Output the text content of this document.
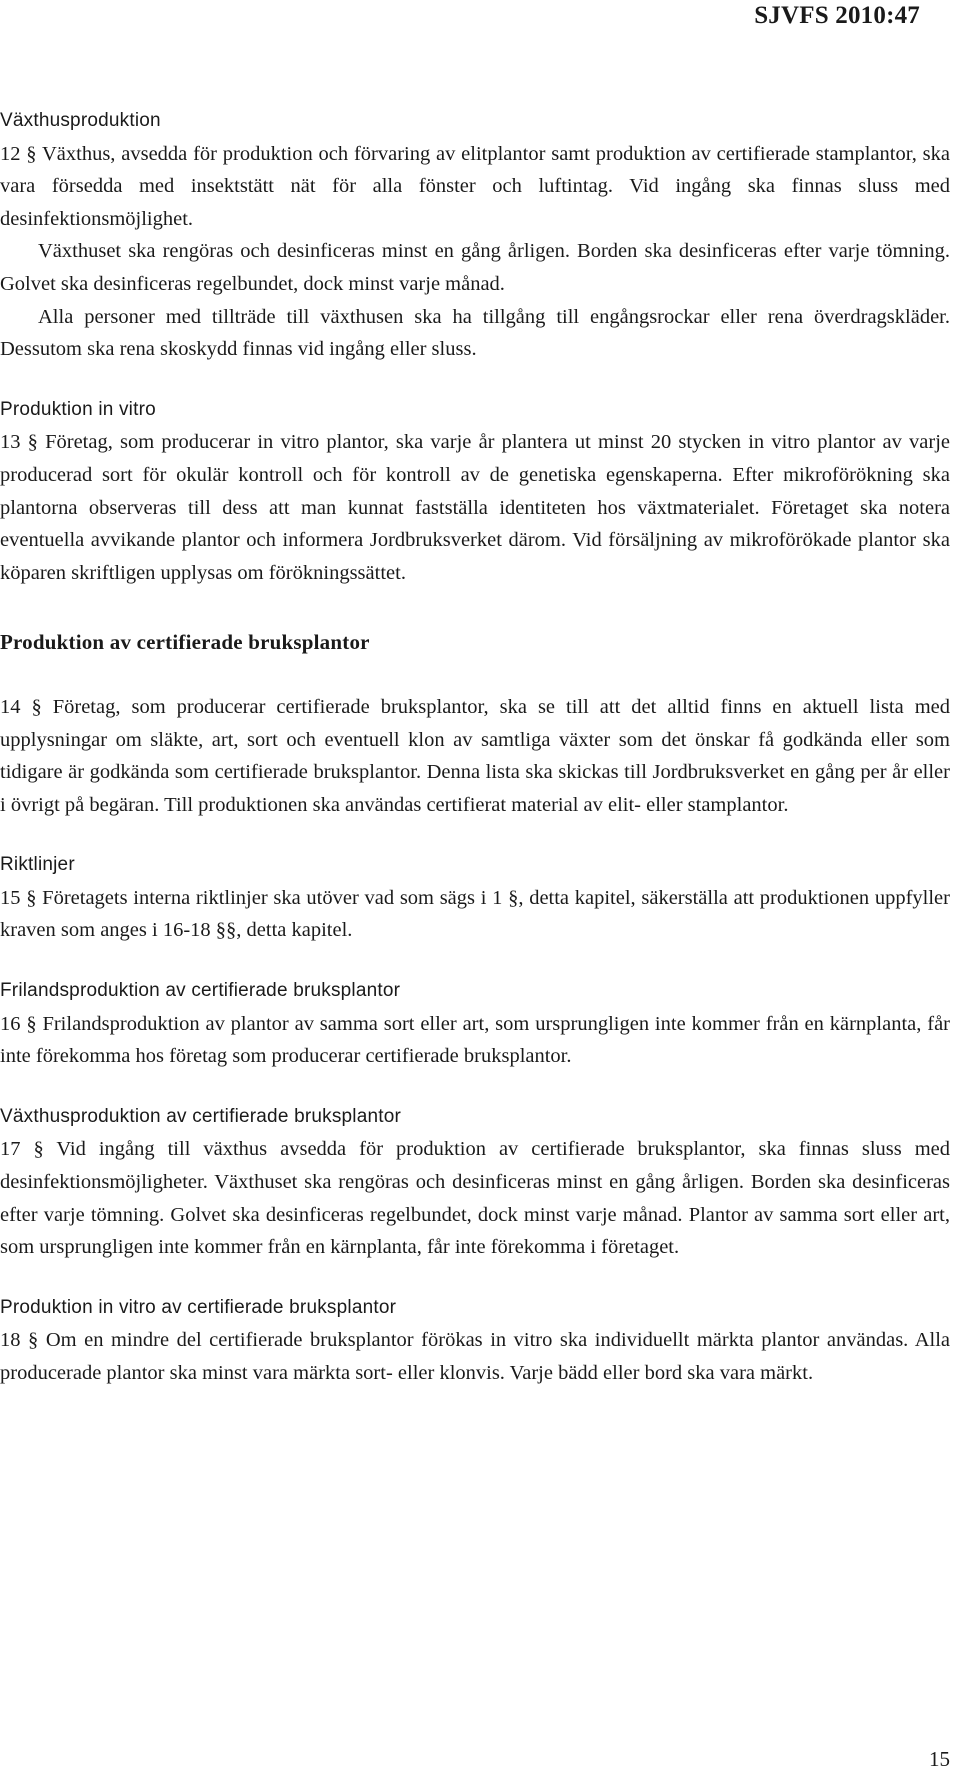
SJVFS 2010:47
Växthusproduktion

12 § Växthus, avsedda för produktion och förvaring av elitplantor samt produktion av certifierade stamplantor, ska vara försedda med insektstätt nät för alla fönster och luftintag. Vid ingång ska finnas sluss med desinfektionsmöjlighet.

Växthuset ska rengöras och desinficeras minst en gång årligen. Borden ska desinficeras efter varje tömning. Golvet ska desinficeras regelbundet, dock minst varje månad.

Alla personer med tillträde till växthusen ska ha tillgång till engångsrockar eller rena överdragskläder. Dessutom ska rena skoskydd finnas vid ingång eller sluss.

Produktion in vitro

13 § Företag, som producerar in vitro plantor, ska varje år plantera ut minst 20 stycken in vitro plantor av varje producerad sort för okulär kontroll och för kontroll av de genetiska egenskaperna. Efter mikroförökning ska plantorna observeras till dess att man kunnat fastställa identiteten hos växtmaterialet. Företaget ska notera eventuella avvikande plantor och informera Jordbruksverket därom. Vid försäljning av mikroförökade plantor ska köparen skriftligen upplysas om förökningssättet.

Produktion av certifierade bruksplantor

14 § Företag, som producerar certifierade bruksplantor, ska se till att det alltid finns en aktuell lista med upplysningar om släkte, art, sort och eventuell klon av samtliga växter som det önskar få godkända eller som tidigare är godkända som certifierade bruksplantor. Denna lista ska skickas till Jordbruksverket en gång per år eller i övrigt på begäran. Till produktionen ska användas certifierat material av elit- eller stamplantor.

Riktlinjer

15 § Företagets interna riktlinjer ska utöver vad som sägs i 1 §, detta kapitel, säkerställa att produktionen uppfyller kraven som anges i 16-18 §§, detta kapitel.

Frilandsproduktion av certifierade bruksplantor

16 § Frilandsproduktion av plantor av samma sort eller art, som ursprungligen inte kommer från en kärnplanta, får inte förekomma hos företag som producerar certifierade bruksplantor.

Växthusproduktion av certifierade bruksplantor

17 § Vid ingång till växthus avsedda för produktion av certifierade bruksplantor, ska finnas sluss med desinfektionsmöjligheter. Växthuset ska rengöras och desinficeras minst en gång årligen. Borden ska desinficeras efter varje tömning. Golvet ska desinficeras regelbundet, dock minst varje månad. Plantor av samma sort eller art, som ursprungligen inte kommer från en kärnplanta, får inte förekomma i företaget.

Produktion in vitro av certifierade bruksplantor

18 § Om en mindre del certifierade bruksplantor förökas in vitro ska individuellt märkta plantor användas. Alla producerade plantor ska minst vara märkta sort- eller klonvis. Varje bädd eller bord ska vara märkt.

15
